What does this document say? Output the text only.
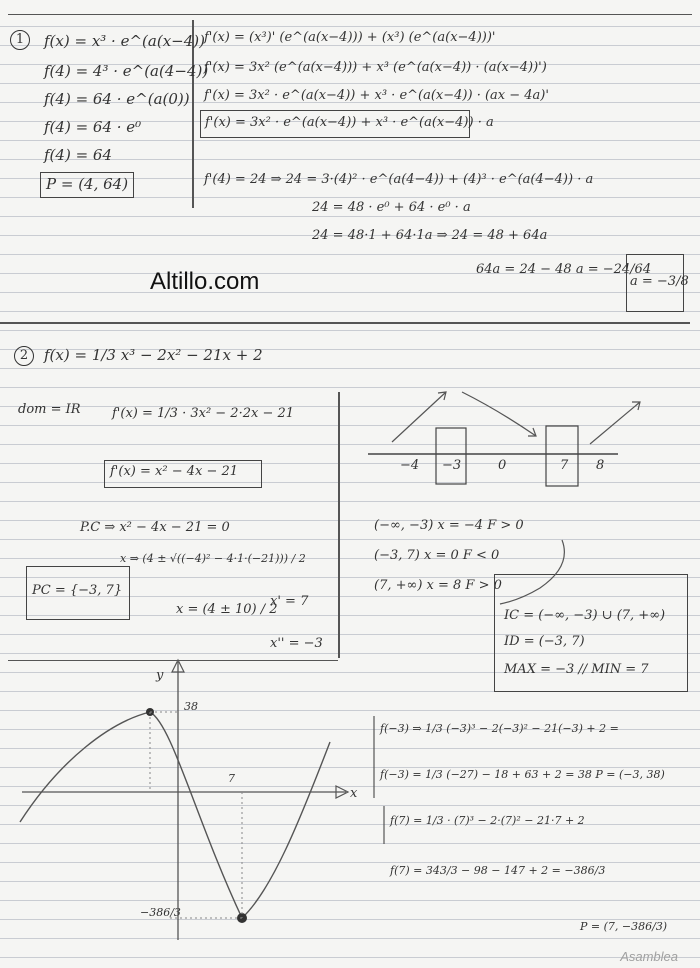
1	f(x) = x³ · e^(a(x−4))
f(4) = 4³ · e^(a(4−4))
f(4) = 64 · e^(a(0))
f(4) = 64 · e⁰
f(4) = 64
P = (4, 64)
f'(x) = (x³)' (e^(a(x−4))) + (x³) (e^(a(x−4)))'
f'(x) = 3x² (e^(a(x−4))) + x³ (e^(a(x−4)) · (a(x−4))')
f'(x) = 3x² · e^(a(x−4)) + x³ · e^(a(x−4)) · (ax − 4a)'
f'(x) = 3x² · e^(a(x−4)) + x³ · e^(a(x−4)) · a
f'(4) = 24 ⇒ 24 = 3·(4)² · e^(a(4−4)) + (4)³ · e^(a(4−4)) · a
24 = 48 · e⁰ + 64 · e⁰ · a
24 = 48·1 + 64·1a ⇒ 24 = 48 + 64a
64a = 24 − 48 a = −24/64
a = −3/8
Altillo.com
2	f(x) = 1/3 x³ − 2x² − 21x + 2
dom = IR f'(x) = 1/3 · 3x² − 2·2x − 21
f'(x) = x² − 4x − 21
P.C ⇒ x² − 4x − 21 = 0
x ⇒ (4 ± √((−4)² − 4·1·(−21))) / 2
x = (4 ± 10) / 2
x' = 7
x'' = −3
PC = {−3, 7}
−4 −3	0	7 8
(−∞, −3) x = −4 F > 0
(−3, 7) x = 0 F < 0
(7, +∞) x = 8 F > 0
IC = (−∞, −3) ∪ (7, +∞)
ID = (−3, 7)
MAX = −3 // MIN = 7
f(−3) ⇒ 1/3 (−3)³ − 2(−3)² − 21(−3) + 2 =
f(−3) = 1/3 (−27) − 18 + 63 + 2 = 38 P = (−3, 38)
f(7) = 1/3 · (7)³ − 2·(7)² − 21·7 + 2
f(7) = 343/3 − 98 − 147 + 2 = −386/3
P = (7, −386/3)
y
x
38
−386/3
7
Asamblea
